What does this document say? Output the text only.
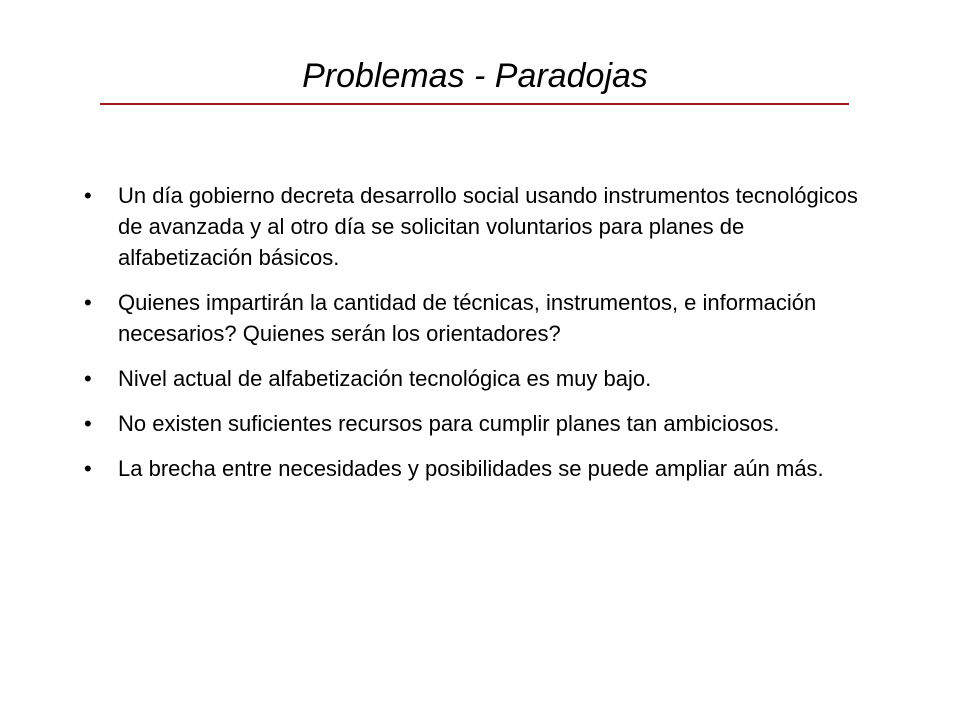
Problemas - Paradojas
• Un día gobierno decreta desarrollo social usando instrumentos tecnológicos de avanzada y al otro día se solicitan voluntarios para planes de alfabetización básicos.
• Quienes impartirán la cantidad de técnicas, instrumentos, e información necesarios? Quienes serán los orientadores?
• Nivel actual de alfabetización tecnológica es muy bajo.
• No existen suficientes recursos para cumplir planes tan ambiciosos.
• La brecha entre necesidades y posibilidades se puede ampliar aún más.
